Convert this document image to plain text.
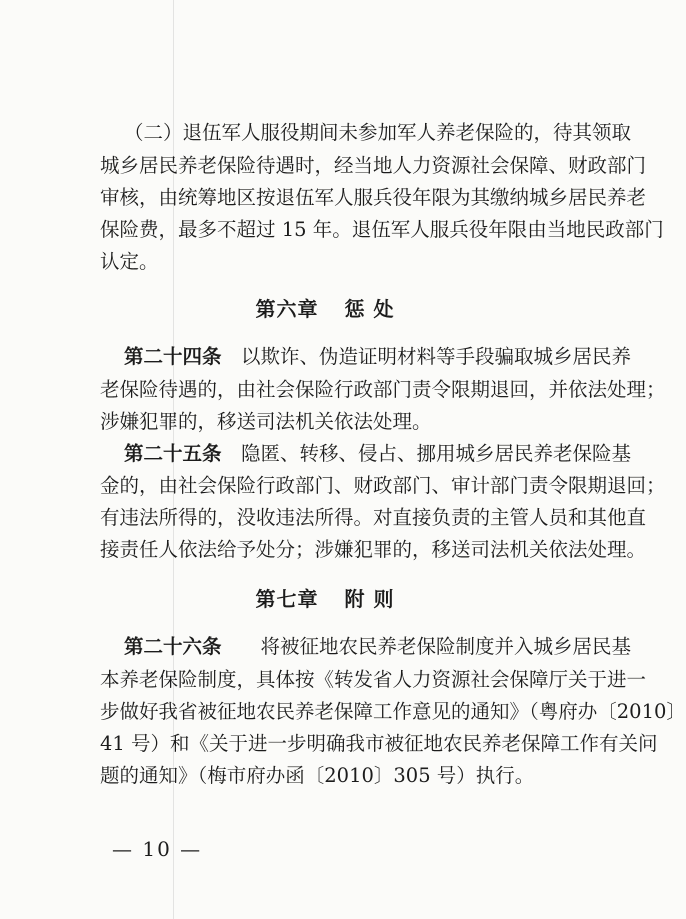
（二）退伍军人服役期间未参加军人养老保险的，待其领取
城乡居民养老保险待遇时，经当地人力资源社会保障、财政部门
审核，由统筹地区按退伍军人服兵役年限为其缴纳城乡居民养老
保险费，最多不超过 15 年。退伍军人服兵役年限由当地民政部门
认定。
第六章 惩 处
第二十四条　 以欺诈、伪造证明材料等手段骗取城乡居民养
老保险待遇的，由社会保险行政部门责令限期退回，并依法处理；
涉嫌犯罪的，移送司法机关依法处理。
第二十五条　 隐匿、转移、侵占、挪用城乡居民养老保险基
金的，由社会保险行政部门、财政部门、审计部门责令限期退回；
有违法所得的，没收违法所得。对直接负责的主管人员和其他直
接责任人依法给予处分；涉嫌犯罪的，移送司法机关依法处理。
第七章 附 则
第二十六条　　 将被征地农民养老保险制度并入城乡居民基
本养老保险制度，具体按《转发省人力资源社会保障厅关于进一
步做好我省被征地农民养老保障工作意见的通知》（粤府办〔2010〕
41 号）和《关于进一步明确我市被征地农民养老保障工作有关问
题的通知》（梅市府办函〔2010〕305 号）执行。
— 10 —
